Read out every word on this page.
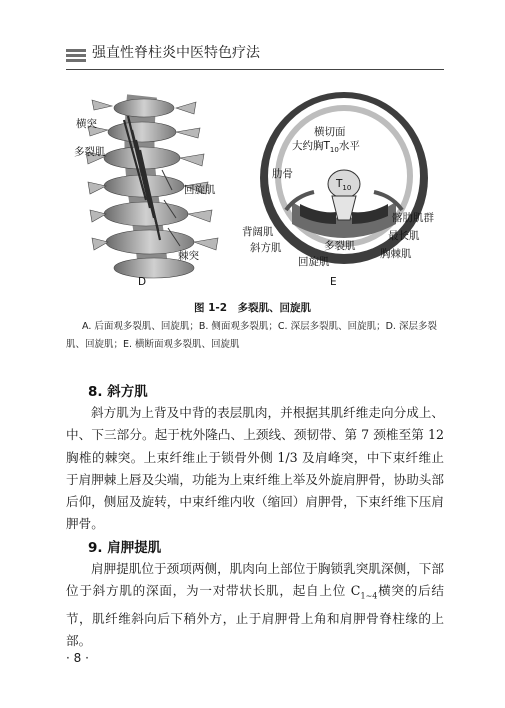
强直性脊柱炎中医特色疗法
横突
多裂肌
回旋肌
棘突
D
横切面
大约胸$T_{10}$水平
$T_{10}$
肋骨
髂肋肌群
背阔肌	最长肌
斜方肌	多裂肌
胸棘肌
回旋肌
E
图 1-2　多裂肌、回旋肌
A. 后面观多裂肌、回旋肌；B. 侧面观多裂肌；C. 深层多裂肌、回旋肌；D. 深层多裂肌、回旋肌；E. 横断面观多裂肌、回旋肌
8. 斜方肌
斜方肌为上背及中背的表层肌肉，并根据其肌纤维走向分成上、中、下三部分。起于枕外隆凸、上颈线、颈韧带、第 7 颈椎至第 12 胸椎的棘突。上束纤维止于锁骨外侧 1/3 及肩峰突，中下束纤维止于肩胛棘上唇及尖端，功能为上束纤维上举及外旋肩胛骨，协助头部后仰，侧屈及旋转，中束纤维内收（缩回）肩胛骨，下束纤维下压肩胛骨。
9. 肩胛提肌
肩胛提肌位于颈项两侧，肌肉向上部位于胸锁乳突肌深侧，下部位于斜方肌的深面，为一对带状长肌，起自上位 $C_{1\sim 4}$横突的后结节，肌纤维斜向后下稍外方，止于肩胛骨上角和肩胛骨脊柱缘的上部。
· 8 ·
